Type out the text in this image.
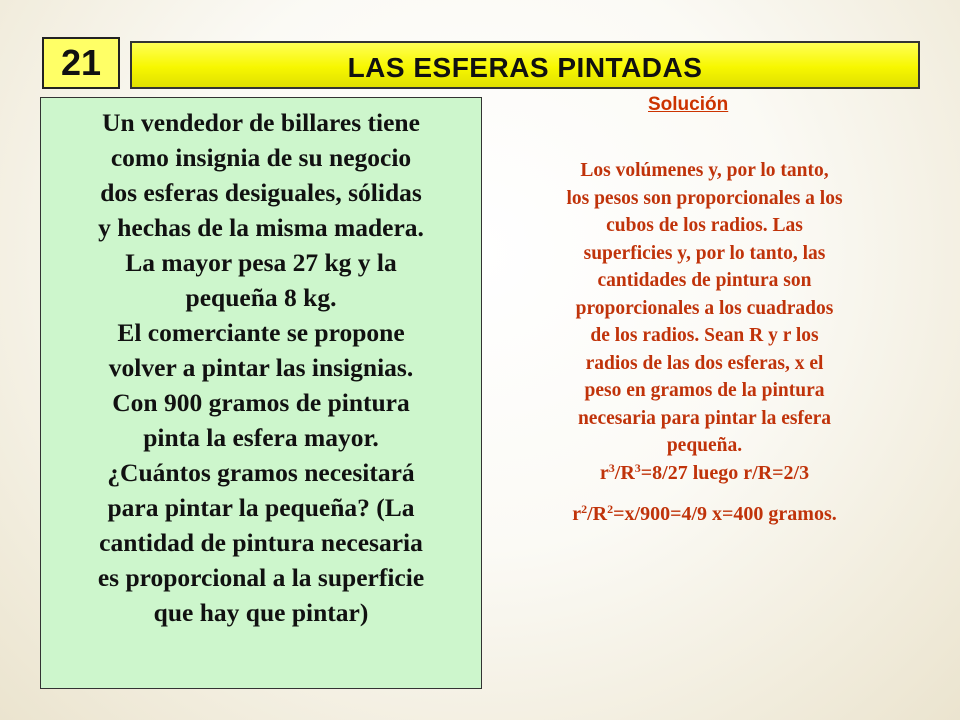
21	LAS ESFERAS PINTADAS
Un vendedor de billares tiene
como insignia de su negocio
dos esferas desiguales, sólidas
y hechas de la misma madera.
La mayor pesa 27 kg y la
pequeña 8 kg.
El comerciante se propone
volver a pintar las insignias.
Con 900 gramos de pintura
pinta la esfera mayor.
¿Cuántos gramos necesitará
para pintar la pequeña? (La
cantidad de pintura necesaria
es proporcional a la superficie
que hay que pintar)
Solución
Los volúmenes y, por lo tanto,
los pesos son proporcionales a los
cubos de los radios. Las
superficies y, por lo tanto, las
cantidades de pintura son
proporcionales a los cuadrados
de los radios. Sean R y r los
radios de las dos esferas, x el
peso en gramos de la pintura
necesaria para pintar la esfera
pequeña.
$r^3/R^3=8/27$ luego r/R=2/3
$r^2/R^2=x/900=4/9$ x=400 gramos.
